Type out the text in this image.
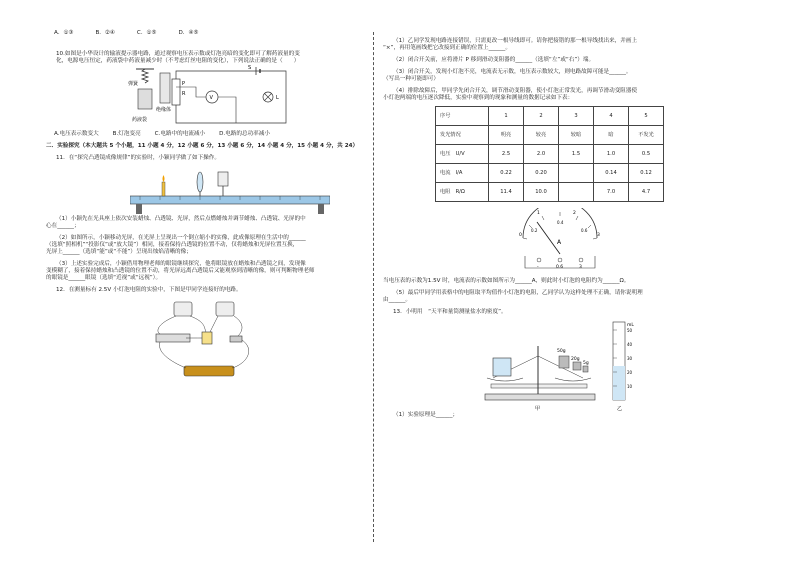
A．①③	B．②④	C．①⑤	D．④⑤

10.如图是小华设计的输液提示器电路，通过观察电压表示数或灯泡亮暗的变化即可了解药液量的变

化，电源电压恒定，药液袋中药液量减少时（不考虑灯丝电阻的变化），下列说法正确的是（　　）

弹簧
绝缘体
药液袋
S
R
P
V	L
A.电压表示数变大	B.灯泡变亮	C.电路中的电流减小	D.电路的总功率减小

二．实验探究（本大题共 5 个小题，11 小题 4 分，12 小题 6 分，13 小题 6 分，14 小题 4 分，15 小题 4 分，共 24）

11．在“探究凸透镜成像规律”的实验时，小颖同学做了如下操作。

（1）小颖先在光具座上依次安装蜡烛、凸透镜、光屏，然后点燃蜡烛并调节蜡烛、凸透镜、光屏的中

心在______；

（2）如图所示，小颖移动光屏，在光屏上呈现出一个倒立缩小的实像，此成像原理在生活中的______

（选填“照相机”“投影仪”或“放大镜”）相同，接着保持凸透镜的位置不动，仅将蜡烛和光屏位置互换，

光屏上______（选填“能”或“不能”）呈现出烛焰清晰的像；

（3）上述实验完成后，小颖借用物理老师的眼镜继续探究，他将眼镜放在蜡烛和凸透镜之间，发现像

变模糊了，接着保持蜡烛和凸透镜的位置不动，将光屏远离凸透镜后又能观察到清晰的像，则可判断物理老师

的眼镜是______眼镜（选填“近视”或“远视”）。

12．在测量标有 2.5V 小灯泡电阻的实验中，下图是甲同学连接好的电路。

（1）乙同学发现电路连接错误，只需更改一根导线即可。请你把接错的那一根导线找出来，并画上

“×”，再用笔画线把它改接到正确的位置上______。

（2）闭合开关前，应将滑片 P 移到滑动变阻器的______（选填“左”或“右”）端。

（3）闭合开关，发现小灯泡不亮，电流表无示数，电压表示数较大，则电路故障可能是______。

（写出一种可能即可）

（4）排除故障后，甲同学先闭合开关，调节滑动变阻器，使小灯泡正常发光，再调节滑动变阻器使

小灯泡两端的电压逐次降低，实验中观察到的现象和测量的数据记录如下表：

序号	1	2	3	4	5
发光情况	明亮	较亮	较暗	暗	不发光
电压　U/V	2.5	2.0	1.5	1.0	0.5
电流　I/A	0.22	0.20		0.14	0.12
电阻　R/Ω	11.4	10.0		7.0	4.7
0
1	2
3
0.2
0.4
0.6
A
-	0.6	3

当电压表的示数为1.5V 时，电流表的示数如图所示为______A，则此时小灯泡的电阻约为______Ω。

（5）最后甲同学用表格中的电阻取平均值作小灯泡的电阻，乙同学认为这样处理不正确，请你说明理

由______。

13．小明用　“天平和量筒测量盐水的密度”。

50g
20g
5g
甲
mL
50
40
30
20
10
乙

（1）实验原理是______；
